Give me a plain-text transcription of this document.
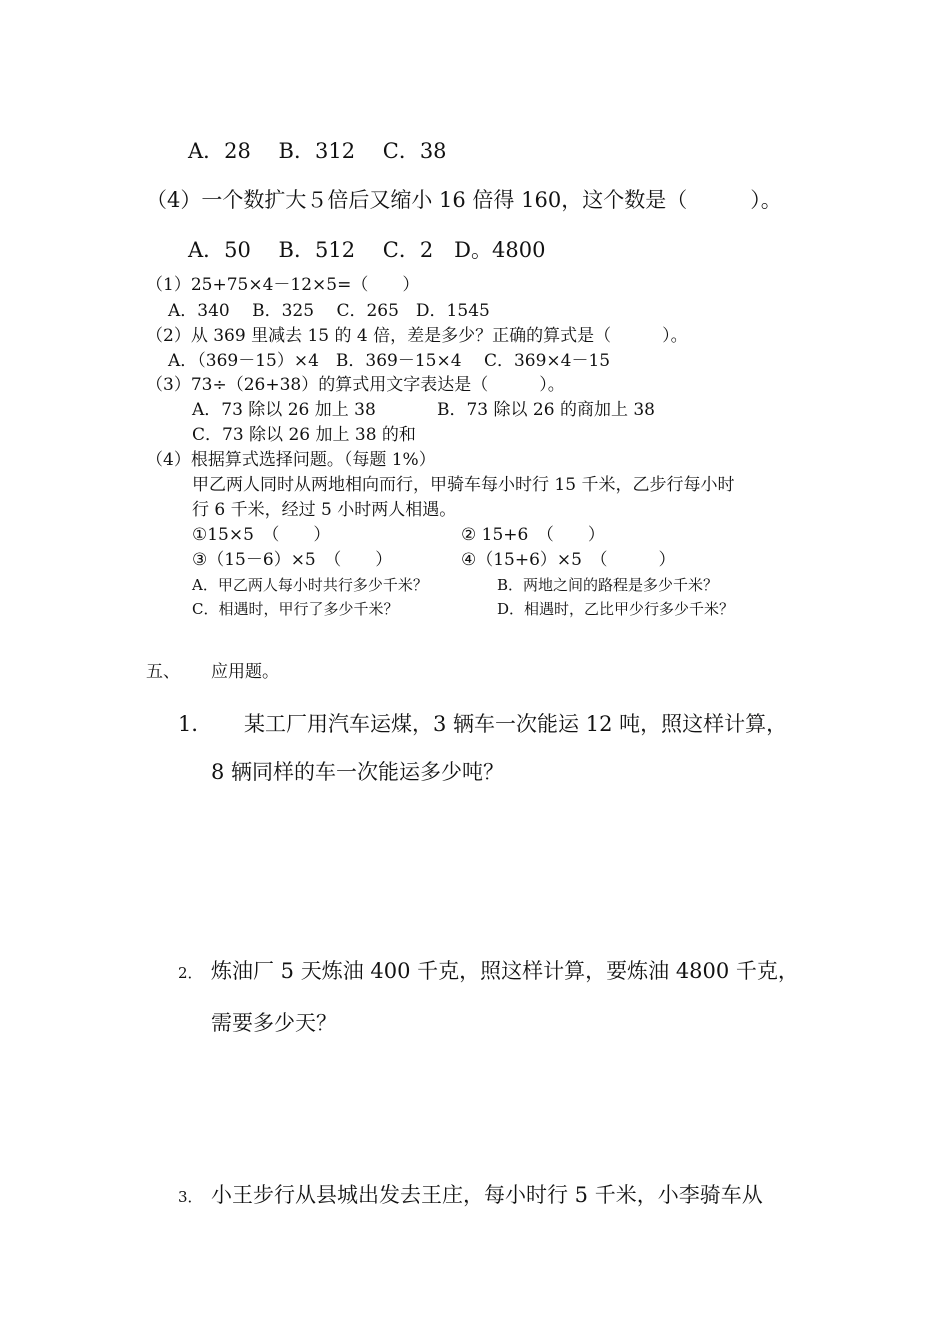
A．28　 B．312　 C．38
（4）一个数扩大５倍后又缩小 16 倍得 160，这个数是（　　　）。
A．50　 B．512　 C．2　D。4800
（1）25+75×4－12×5=（　　）
A．340　 B．325　 C．265　D．1545
（2）从 369 里减去 15 的 4 倍，差是多少？正确的算式是（　　　）。
A．（369－15）×4　B．369－15×4　 C．369×4－15
（3）73÷（26+38）的算式用文字表达是（　　　）。
A．73 除以 26 加上 38	B．73 除以 26 的商加上 38
C．73 除以 26 加上 38 的和
（4）根据算式选择问题。（每题 1%）
甲乙两人同时从两地相向而行，甲骑车每小时行 15 千米，乙步行每小时
行 6 千米，经过 5 小时两人相遇。
①15×5　（　　）	② 15+6　（　　）
③（15－6）×5　（　　）	④（15+6）×5　（　　　）
A．甲乙两人每小时共行多少千米？	B．两地之间的路程是多少千米？
C．相遇时，甲行了多少千米？	D．相遇时，乙比甲少行多少千米？
五、 应用题。
1． 某工厂用汽车运煤，3 辆车一次能运 12 吨，照这样计算，
8 辆同样的车一次能运多少吨？
2． 炼油厂 5 天炼油 400 千克，照这样计算，要炼油 4800 千克，
需要多少天？
3． 小王步行从县城出发去王庄，每小时行 5 千米，小李骑车从
